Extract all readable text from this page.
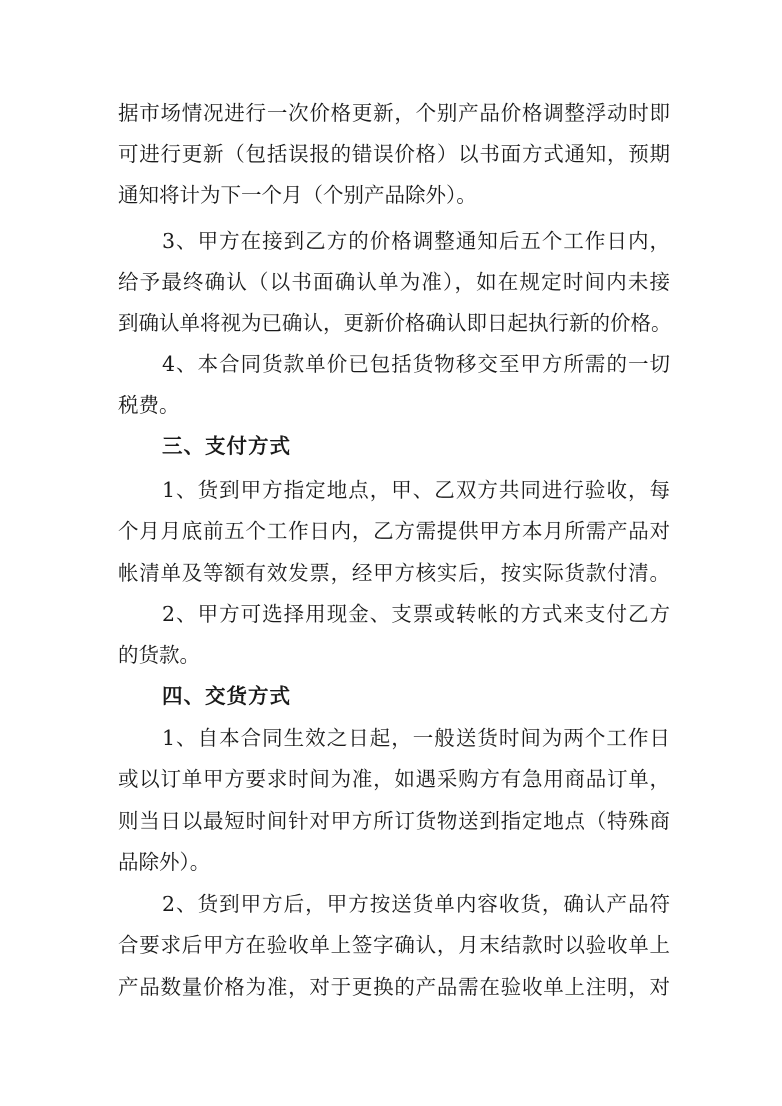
据市场情况进行一次价格更新，个别产品价格调整浮动时即
可进行更新（包括误报的错误价格）以书面方式通知，预期
通知将计为下一个月（个别产品除外）。
3、甲方在接到乙方的价格调整通知后五个工作日内，
给予最终确认（以书面确认单为准），如在规定时间内未接
到确认单将视为已确认，更新价格确认即日起执行新的价格。
4、本合同货款单价已包括货物移交至甲方所需的一切
税费。
三、支付方式
1、货到甲方指定地点，甲、乙双方共同进行验收，每
个月月底前五个工作日内，乙方需提供甲方本月所需产品对
帐清单及等额有效发票，经甲方核实后，按实际货款付清。
2、甲方可选择用现金、支票或转帐的方式来支付乙方
的货款。
四、交货方式
1、自本合同生效之日起，一般送货时间为两个工作日
或以订单甲方要求时间为准，如遇采购方有急用商品订单，
则当日以最短时间针对甲方所订货物送到指定地点（特殊商
品除外）。
2、货到甲方后，甲方按送货单内容收货，确认产品符
合要求后甲方在验收单上签字确认，月末结款时以验收单上
产品数量价格为准，对于更换的产品需在验收单上注明，对
